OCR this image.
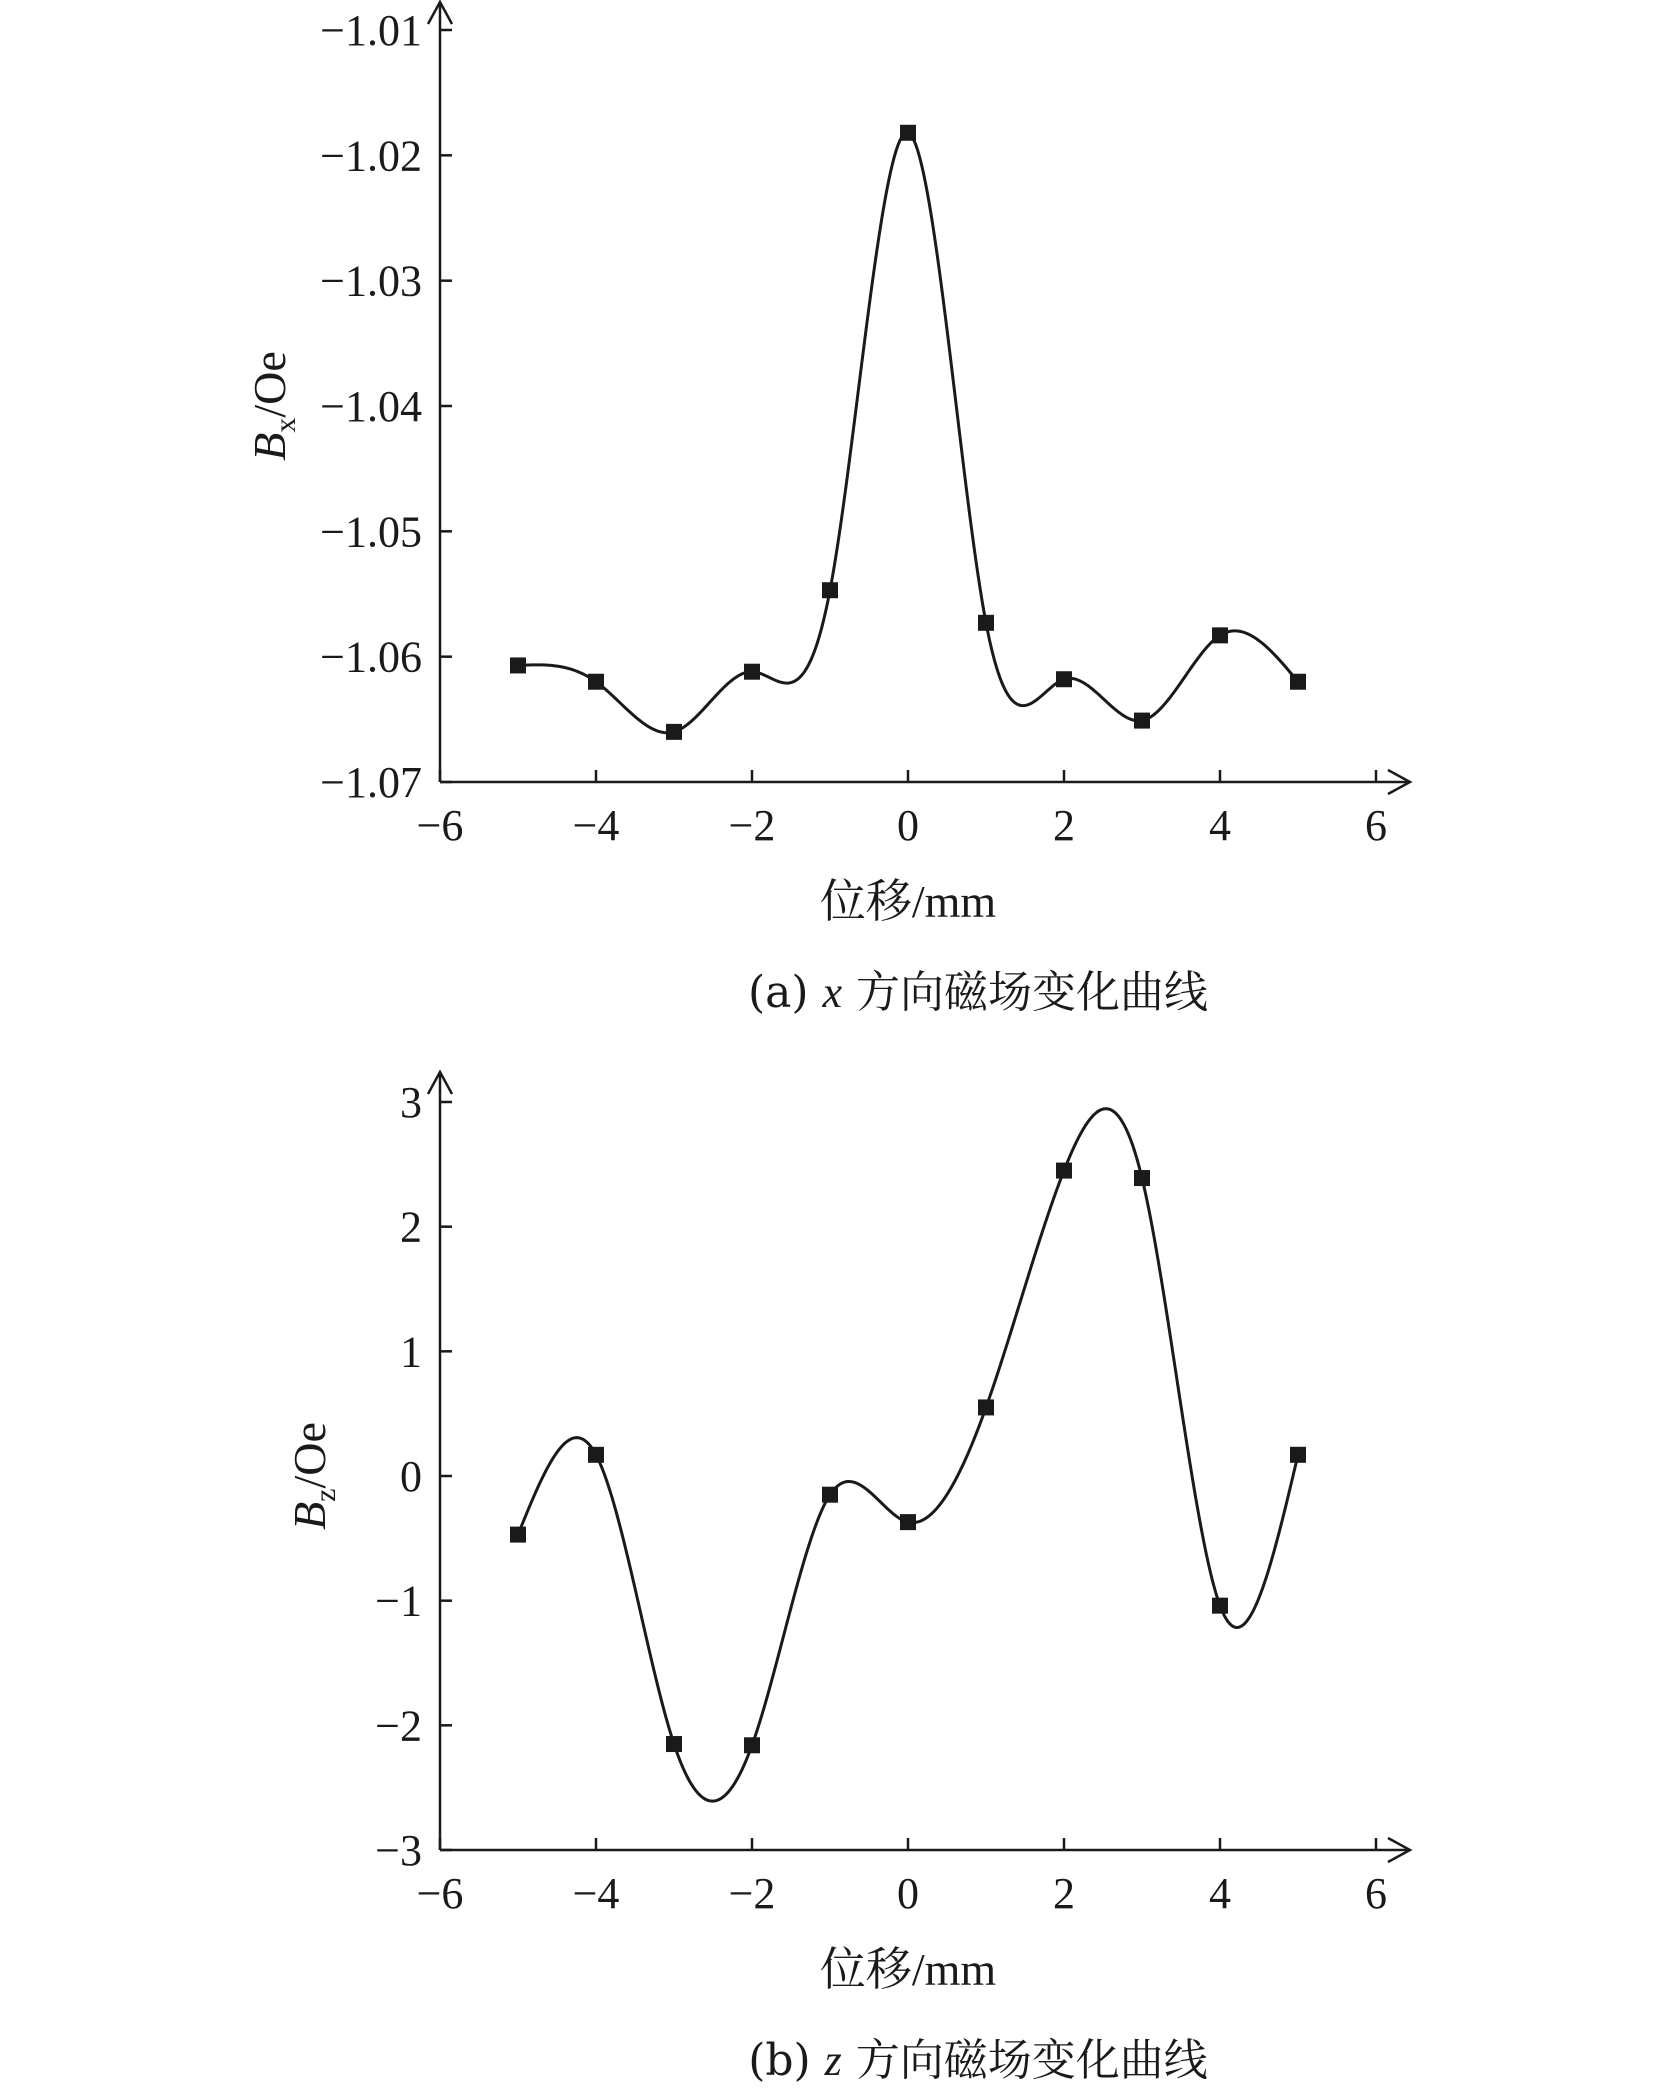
−6 −4 −2	0	2	4	6
−1.07
−1.06
−1.05
−1.04
−1.03
−1.02
−1.01
$B_x/Oe$
位移/mm
(a) x 方向磁场变化曲线
−6 −4 −2	0	2	4	6
−3
−2
−1
0
1
2
3
$B_z/Oe$
位移/mm
(b) z 方向磁场变化曲线
